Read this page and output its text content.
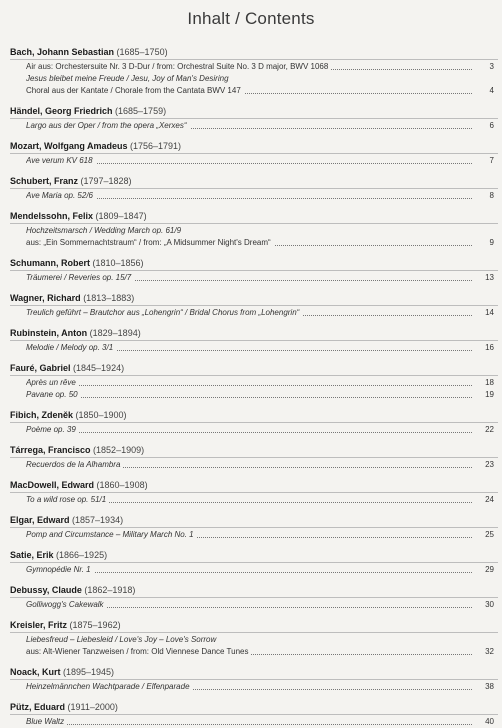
Inhalt / Contents
Bach, Johann Sebastian (1685–1750)
3
Air aus: Orchestersuite Nr. 3 D-Dur / from: Orchestral Suite No. 3 D major, BWV 1068
Jesus bleibet meine Freude / Jesu, Joy of Man's Desiring
4
Choral aus der Kantate / Chorale from the Cantata BWV 147
Händel, Georg Friedrich (1685–1759)
6
Largo aus der Oper / from the opera „Xerxes“
Mozart, Wolfgang Amadeus (1756–1791)
7
Ave verum KV 618
Schubert, Franz (1797–1828)
8
Ave Maria op. 52/6
Mendelssohn, Felix (1809–1847)
Hochzeitsmarsch / Wedding March op. 61/9
9
aus: „Ein Sommernachtstraum“ / from: „A Midsummer Night's Dream“
Schumann, Robert (1810–1856)
13
Träumerei / Reveries op. 15/7
Wagner, Richard (1813–1883)
14
Treulich geführt – Brautchor aus „Lohengrin“ / Bridal Chorus from „Lohengrin“
Rubinstein, Anton (1829–1894)
16
Melodie / Melody op. 3/1
Fauré, Gabriel (1845–1924)
18
Après un rêve
19
Pavane op. 50
Fibich, Zdeněk (1850–1900)
22
Poème op. 39
Tárrega, Francisco (1852–1909)
23
Recuerdos de la Alhambra
MacDowell, Edward (1860–1908)
24
To a wild rose op. 51/1
Elgar, Edward (1857–1934)
25
Pomp and Circumstance – Military March No. 1
Satie, Erik (1866–1925)
29
Gymnopédie Nr. 1
Debussy, Claude (1862–1918)
30
Golliwogg's Cakewalk
Kreisler, Fritz (1875–1962)
Liebesfreud – Liebesleid / Love's Joy – Love's Sorrow
32
aus: Alt-Wiener Tanzweisen / from: Old Viennese Dance Tunes
Noack, Kurt (1895–1945)
38
Heinzelmännchen Wachtparade / Elfenparade
Pütz, Eduard (1911–2000)
40
Blue Waltz
